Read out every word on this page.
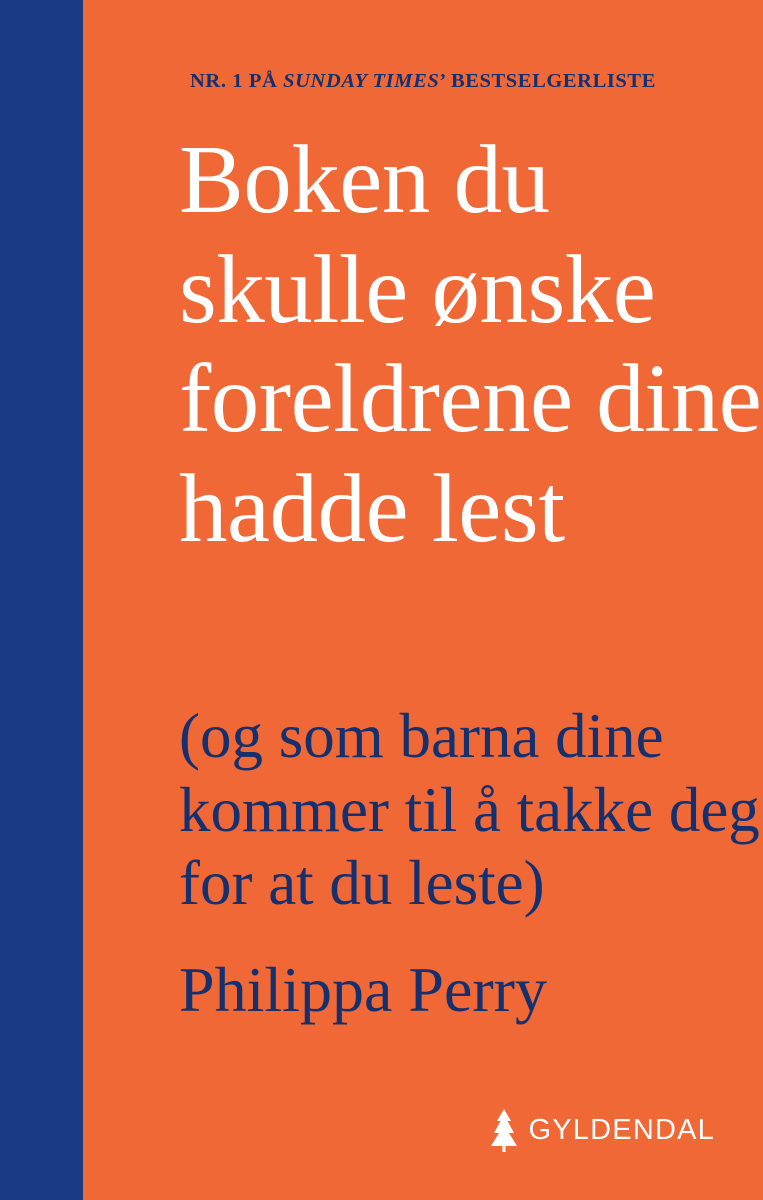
NR. 1 PÅ SUNDAY TIMES’ BESTSELGERLISTE
Boken du skulle ønske foreldrene dine hadde lest
(og som barna dine kommer til å takke deg for at du leste)
Philippa Perry
GYLDENDAL
